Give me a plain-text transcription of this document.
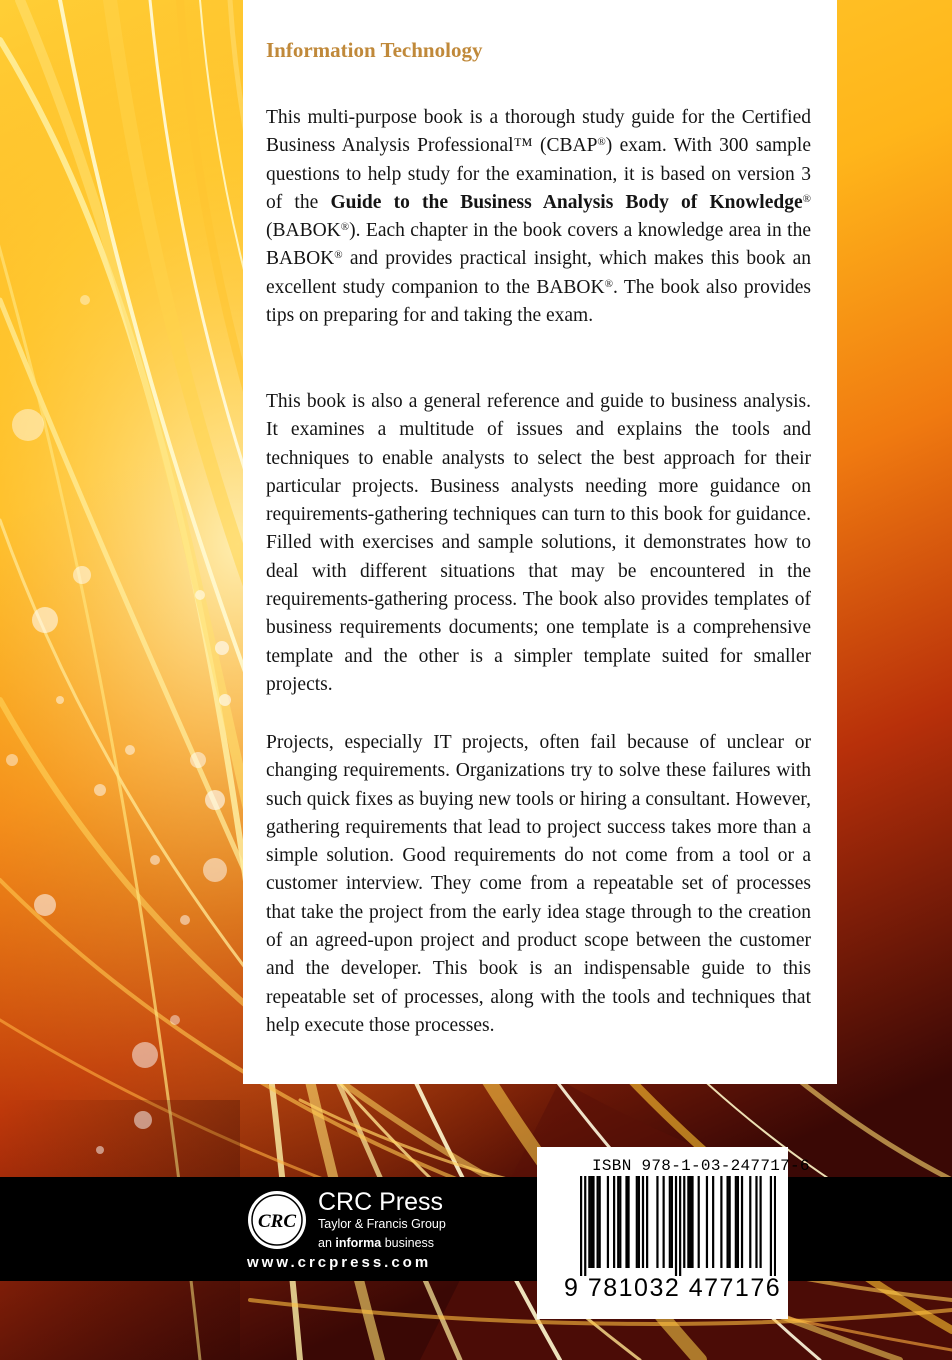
Information Technology
This multi-purpose book is a thorough study guide for the Certified Business Analysis Professional™ (CBAP®) exam. With 300 sample questions to help study for the examination, it is based on version 3 of the Guide to the Business Analysis Body of Knowledge® (BABOK®). Each chapter in the book covers a knowledge area in the BABOK® and provides practical insight, which makes this book an excellent study companion to the BABOK®. The book also provides tips on preparing for and taking the exam.
This book is also a general reference and guide to business analysis. It examines a multitude of issues and explains the tools and techniques to enable analysts to select the best approach for their particular projects. Business analysts needing more guidance on requirements-gathering techniques can turn to this book for guidance. Filled with exercises and sample solutions, it demonstrates how to deal with different situations that may be encountered in the requirements-gathering process. The book also provides templates of business requirements documents; one template is a comprehensive template and the other is a simpler template suited for smaller projects.
Projects, especially IT projects, often fail because of unclear or changing requirements. Organizations try to solve these failures with such quick fixes as buying new tools or hiring a consultant. However, gathering requirements that lead to project success takes more than a simple solution. Good requirements do not come from a tool or a customer interview. They come from a repeatable set of processes that take the project from the early idea stage through to the creation of an agreed-upon project and product scope between the customer and the developer. This book is an indispensable guide to this repeatable set of processes, along with the tools and techniques that help execute those processes.
CRC
CRC Press
Taylor & Francis Group
an informa business
www.crcpress.com
ISBN 978-1-03-247717-6
9 781032 477176
